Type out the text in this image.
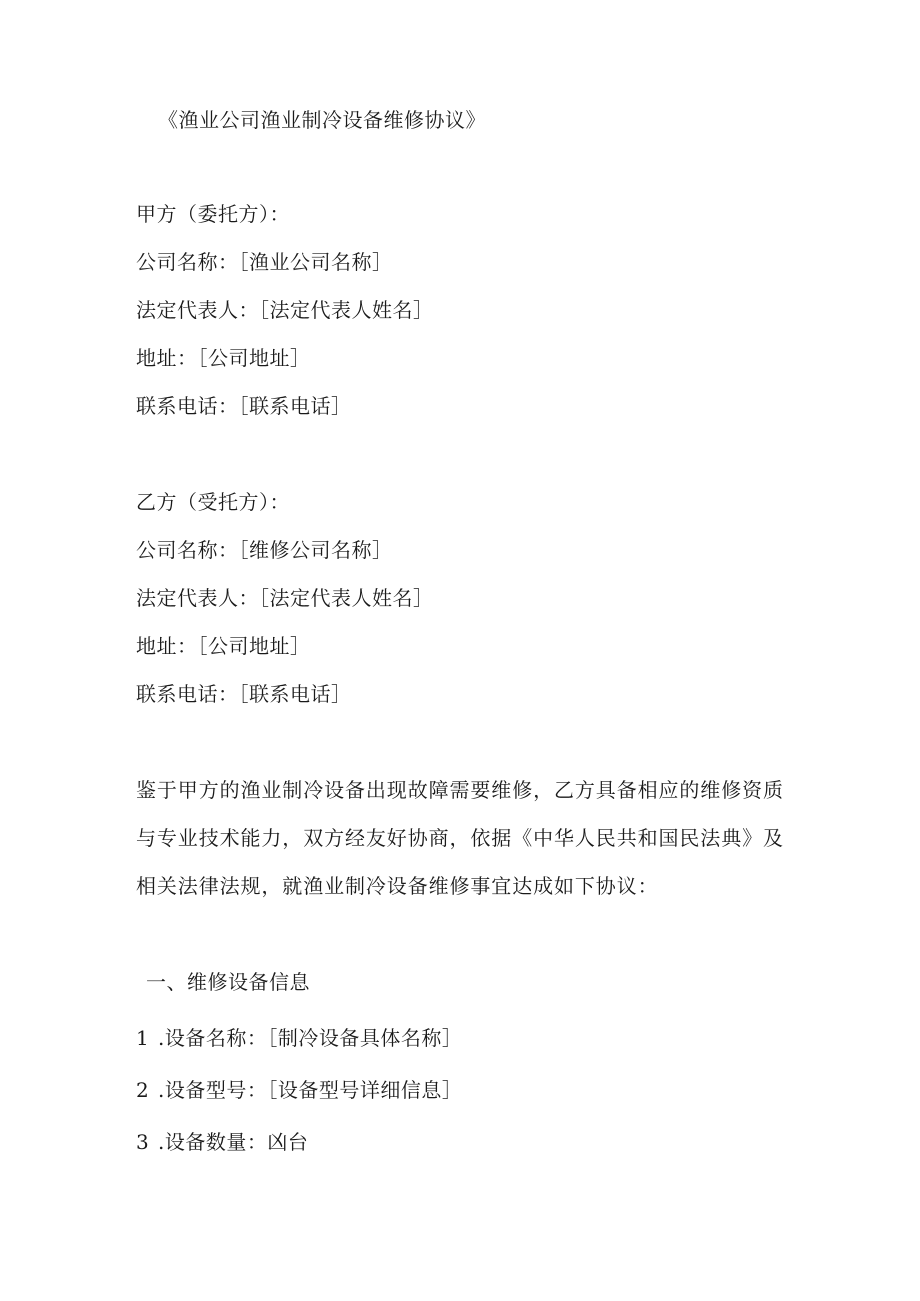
《渔业公司渔业制冷设备维修协议》
甲方（委托方）：
公司名称：［渔业公司名称］
法定代表人：［法定代表人姓名］
地址：［公司地址］
联系电话：［联系电话］
乙方（受托方）：
公司名称：［维修公司名称］
法定代表人：［法定代表人姓名］
地址：［公司地址］
联系电话：［联系电话］
鉴于甲方的渔业制冷设备出现故障需要维修，乙方具备相应的维修资质
与专业技术能力，双方经友好协商，依据《中华人民共和国民法典》及
相关法律法规，就渔业制冷设备维修事宜达成如下协议：
一、维修设备信息
1 .设备名称：［制冷设备具体名称］
2 .设备型号：［设备型号详细信息］
3 .设备数量：凶台
